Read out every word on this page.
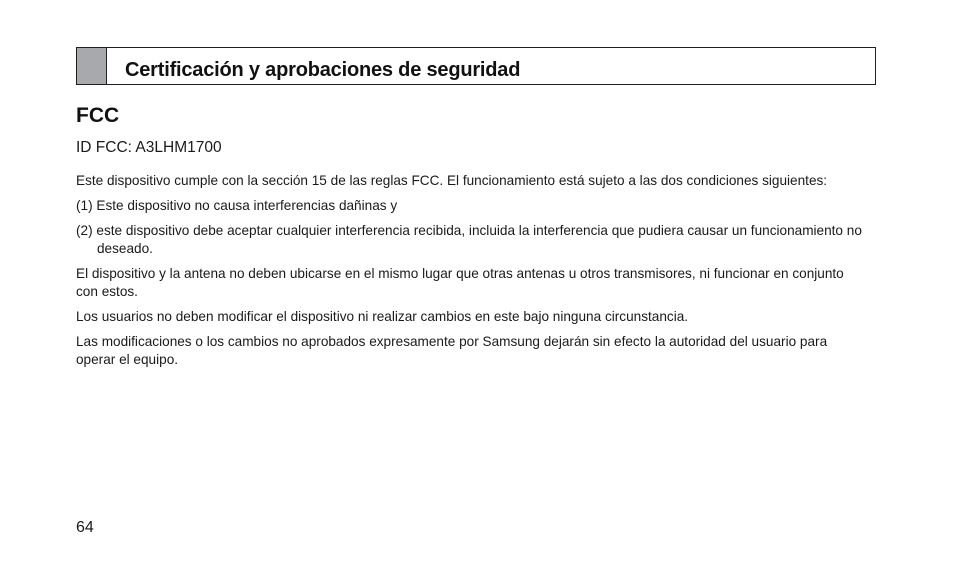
Certificación y aprobaciones de seguridad
FCC
ID FCC: A3LHM1700

Este dispositivo cumple con la sección 15 de las reglas FCC. El funcionamiento está sujeto a las dos condiciones siguientes:

(1) Este dispositivo no causa interferencias dañinas y

(2) este dispositivo debe aceptar cualquier interferencia recibida, incluida la interferencia que pudiera causar un funcionamiento no deseado.

El dispositivo y la antena no deben ubicarse en el mismo lugar que otras antenas u otros transmisores, ni funcionar en conjunto con estos.

Los usuarios no deben modificar el dispositivo ni realizar cambios en este bajo ninguna circunstancia.

Las modificaciones o los cambios no aprobados expresamente por Samsung dejarán sin efecto la autoridad del usuario para operar el equipo.

64
